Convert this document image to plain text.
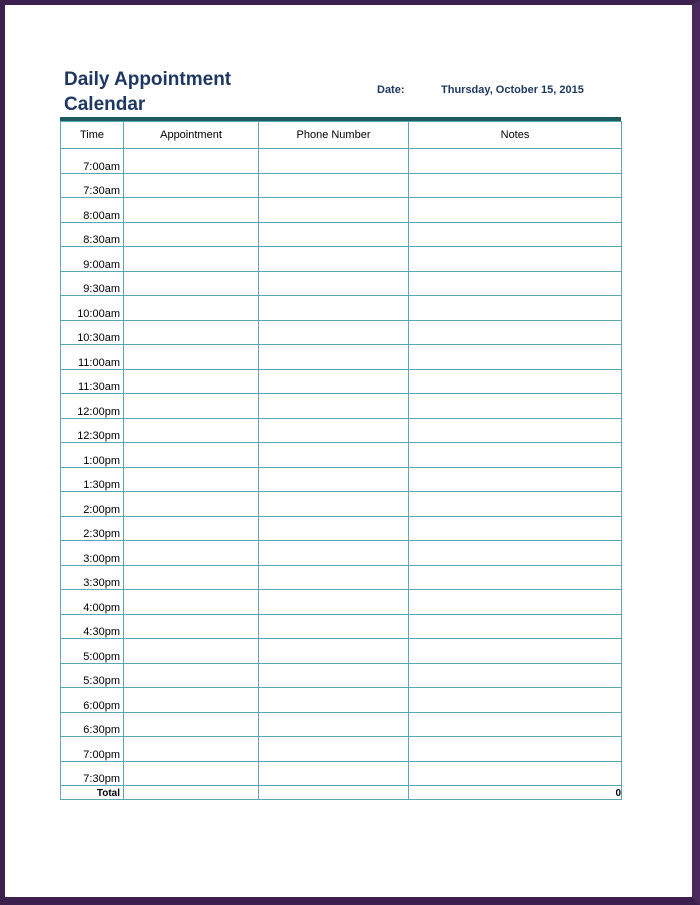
Daily Appointment
Calendar
Date:	Thursday, October 15, 2015
Time	Appointment	Phone Number	Notes
7:00am			
7:30am			
8:00am			
8:30am			
9:00am			
9:30am			
10:00am			
10:30am			
11:00am			
11:30am			
12:00pm			
12:30pm			
1:00pm			
1:30pm			
2:00pm			
2:30pm			
3:00pm			
3:30pm			
4:00pm			
4:30pm			
5:00pm			
5:30pm			
6:00pm			
6:30pm			
7:00pm			
7:30pm			
Total			0
